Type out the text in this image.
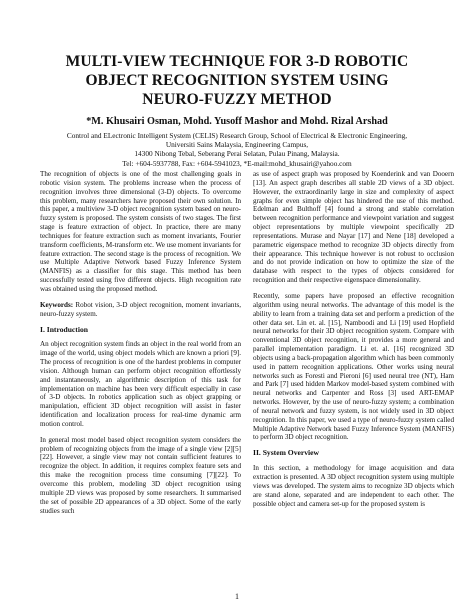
MULTI-VIEW TECHNIQUE FOR 3-D ROBOTIC
OBJECT RECOGNITION SYSTEM USING
NEURO-FUZZY METHOD
*M. Khusairi Osman, Mohd. Yusoff Mashor and Mohd. Rizal Arshad
Control and ELectronic Intelligent System (CELIS) Research Group, School of Electrical & Electronic Engineering,
Universiti Sains Malaysia, Engineering Campus,
14300 Nibong Tebal, Seberang Perai Selatan, Pulau Pinang, Malaysia.
Tel: +604-5937788, Fax: +604-5941023, *E-mail:mohd_khusairi@yahoo.com

The recognition of objects is one of the most challenging goals in robotic vision system. The problems increase when the process of recognition involves three dimensional (3-D) objects. To overcome this problem, many researchers have proposed their own solution. In this paper, a multiview 3-D object recognition system based on neuro-fuzzy system is proposed. The system consists of two stages. The first stage is feature extraction of object. In practice, there are many techniques for feature extraction such as moment invariants, Fourier transform coefficients, M-transform etc. We use moment invariants for feature extraction. The second stage is the process of recognition. We use Multiple Adaptive Network based Fuzzy Inference System (MANFIS) as a classifier for this stage. This method has been successfully tested using five different objects. High recognition rate was obtained using the proposed method.

Keywords: Robot vision, 3-D object recognition, moment invariants, neuro-fuzzy system.

I. Introduction

An object recognition system finds an object in the real world from an image of the world, using object models which are known a priori [9]. The process of recognition is one of the hardest problems in computer vision. Although human can perform object recognition effortlessly and instantaneously, an algorithmic description of this task for implementation on machine has been very difficult especially in case of 3-D objects. In robotics application such as object grapping or manipulation, efficient 3D object recognition will assist in faster identification and localization process for real-time dynamic arm motion control.

In general most model based object recognition system considers the problem of recognizing objects from the image of a single view [2][5][22]. However, a single view may not contain sufficient features to recognize the object. In addition, it requires complex feature sets and this make the recognition process time consuming [7][22]. To overcome this problem, modeling 3D object recognition using multiple 2D views was proposed by some researchers. It summarised the set of possible 2D appearances of a 3D object. Some of the early studies such

as use of aspect graph was proposed by Koenderink and van Dooern [13]. An aspect graph describes all stable 2D views of a 3D object. However, the extraordinarily large in size and complexity of aspect graphs for even simple object has hindered the use of this method. Edelman and Bulthoff [4] found a strong and stable correlation between recognition performance and viewpoint variation and suggest object representations by multiple viewpoint specifically 2D representations. Murase and Nayar [17] and Nene [18] developed a parametric eigenspace method to recognize 3D objects directly from their appearance. This technique however is not robust to occlusion and do not provide indication on how to optimize the size of the database with respect to the types of objects considered for recognition and their respective eigenspace dimensionality.

Recently, some papers have proposed an effective recognition algorithm using neural networks. The advantage of this model is the ability to learn from a training data set and perform a prediction of the other data set. Lin et. al. [15], Namboodi and Li [19] used Hopfield neural networks for their 3D object recognition system. Compare with conventional 3D object recognition, it provides a more general and parallel implementation paradigm. Li et. al. [16] recognized 3D objects using a back-propagation algorithm which has been commonly used in pattern recognition applications. Other works using neural networks such as Foresti and Pieroni [6] used neural tree (NT), Ham and Park [7] used hidden Markov model-based system combined with neural networks and Carpenter and Ross [3] used ART-EMAP networks. However, by the use of neuro-fuzzy system; a combination of neural network and fuzzy system, is not widely used in 3D object recognition. In this paper, we used a type of neuro-fuzzy system called Multiple Adaptive Network based Fuzzy Inference System (MANFIS) to perform 3D object recognition.

II. System Overview

In this section, a methodology for image acquisition and data extraction is presented. A 3D object recognition system using multiple views was developed. The system aims to recognize 3D objects which are stand alone, separated and are independent to each other. The possible object and camera set-up for the proposed system is

1
